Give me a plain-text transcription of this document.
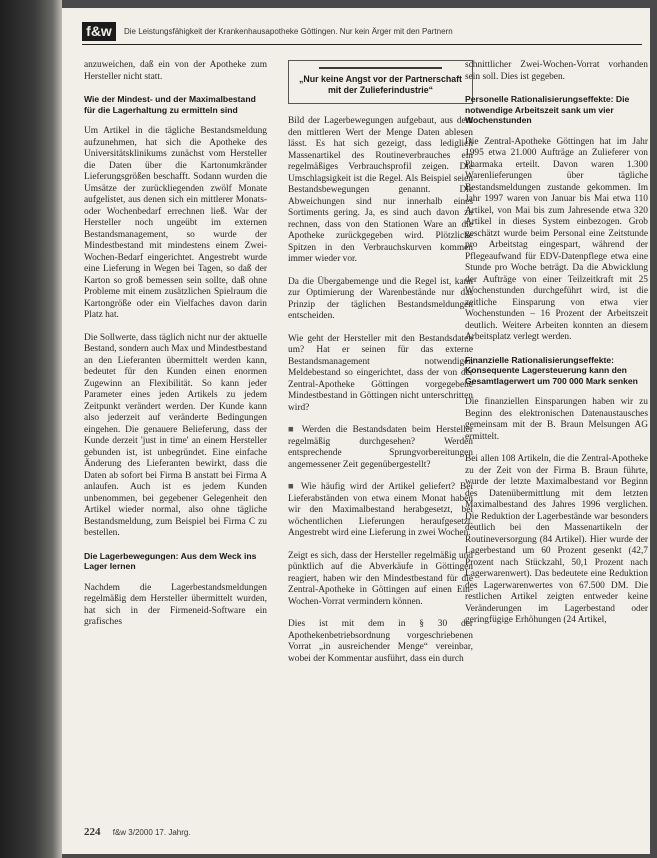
f&w	Die Leistungsfähigkeit der Krankenhausapotheke Göttingen. Nur kein Ärger mit den Partnern

anzuweichen, daß ein von der Apotheke zum Hersteller nicht statt.

Wie der Mindest- und der Maximalbestand für die Lagerhaltung zu ermitteln sind

Um Artikel in die tägliche Bestandsmeldung aufzunehmen, hat sich die Apotheke des Universitätsklinikums zunächst vom Hersteller die Daten über die Kartonumkränder Lieferungsgrößen beschafft. Sodann wurden die Umsätze der zurückliegenden zwölf Monate aufgelistet, aus denen sich ein mittlerer Monats- oder Wochenbedarf errechnen ließ. War der Hersteller noch ungeübt im externen Bestandsmanagement, so wurde der Mindestbestand mit mindestens einem Zwei-Wochen-Bedarf eingerichtet. Angestrebt wurde eine Lieferung in Wegen bei Tagen, so daß der Karton so groß bemessen sein sollte, daß ohne Probleme mit einem zusätzlichen Spielraum die Kartongröße oder ein Vielfaches davon darin Platz hat.

Die Sollwerte, dass täglich nicht nur der aktuelle Bestand, sondern auch Max und Mindestbestand an den Lieferanten übermittelt werden kann, bedeutet für den Kunden einen enormen Zugewinn an Flexibilität. So kann jeder Parameter eines jeden Artikels zu jedem Zeitpunkt verändert werden. Der Kunde kann also jederzeit auf veränderte Bedingungen eingehen. Die genauere Belieferung, dass der Kunde derzeit 'just in time' an einem Hersteller gebunden ist, ist unbegründet. Eine einfache Änderung des Lieferanten bewirkt, dass die Daten ab sofort bei Firma B anstatt bei Firma A anlaufen. Auch ist es jedem Kunden unbenommen, bei gegebener Gelegenheit den Artikel wieder normal, also ohne tägliche Bestandsmeldung, zum Beispiel bei Firma C zu bestellen.

Die Lagerbewegungen: Aus dem Weck ins Lager lernen

Nachdem die Lagerbestandsmeldungen regelmäßig dem Hersteller übermittelt wurden, hat sich in der Firmeneid-Software ein grafisches

„Nur keine Angst vor der Partnerschaft mit der Zulieferindustrie“

Bild der Lagerbewegungen aufgebaut, aus dem den mittleren Wert der Menge Daten ablesen lässt. Es hat sich gezeigt, dass lediglich Massenartikel des Routineverbrauches ein regelmäßiges Verbrauchsprofil zeigen. Die Umschlagsigkeit ist die Regel. Als Beispiel seien Bestandsbewegungen genannt. Die Abweichungen sind nur innerhalb eines Sortiments gering. Ja, es sind auch davon zu rechnen, dass von den Stationen Ware an die Apotheke zurückgegeben wird. Plötzliche Spitzen in den Verbrauchskurven kommen immer wieder vor.

Da die Übergabemenge und die Regel ist, kann zur Optimierung der Warenbestände nur das Prinzip der täglichen Bestandsmeldungen entscheiden.

Wie geht der Hersteller mit den Bestandsdaten um? Hat er seinen für das externe Bestandsmanagement notwendigen Meldebestand so eingerichtet, dass der von der Zentral-Apotheke Göttingen vorgegebene Mindestbestand in Göttingen nicht unterschritten wird?

■ Werden die Bestandsdaten beim Hersteller regelmäßig durchgesehen? Werden entsprechende Sprungvorbereitungen angemessener Zeit gegenübergestellt?

■ Wie häufig wird der Artikel geliefert? Bei Lieferabständen von etwa einem Monat haben wir den Maximalbestand herabgesetzt, bei wöchentlichen Lieferungen heraufgesetzt. Angestrebt wird eine Lieferung in zwei Wochen.

Zeigt es sich, dass der Hersteller regelmäßig und pünktlich auf die Abverkäufe in Göttingen reagiert, haben wir den Mindestbestand für die Zentral-Apotheke in Göttingen auf einen Ein-Wochen-Vorrat vermindern können.

Dies ist mit dem in § 30 der Apothekenbetriebsordnung vorgeschriebenen Vorrat „in ausreichender Menge“ vereinbar, wobei der Kommentar ausführt, dass ein durch

schnittlicher Zwei-Wochen-Vorrat vorhanden sein soll. Dies ist gegeben.

Personelle Rationalisierungseffekte: Die notwendige Arbeitszeit sank um vier Wochenstunden

Die Zentral-Apotheke Göttingen hat im Jahr 1995 etwa 21.000 Aufträge an Zulieferer von Pharmaka erteilt. Davon waren 1.300 Warenlieferungen über tägliche Bestandsmeldungen zustande gekommen. Im Jahr 1997 waren von Januar bis Mai etwa 110 Artikel, von Mai bis zum Jahresende etwa 320 Artikel in dieses System einbezogen. Grob geschätzt wurde beim Personal eine Zeitstunde pro Arbeitstag eingespart, während der Pflegeaufwand für EDV-Datenpflege etwa eine Stunde pro Woche beträgt. Da die Abwicklung der Aufträge von einer Teilzeitkraft mit 25 Wochenstunden durchgeführt wird, ist die zeitliche Einsparung von etwa vier Wochenstunden – 16 Prozent der Arbeitszeit deutlich. Weitere Arbeiten konnten an diesem Arbeitsplatz verlegt werden.

Finanzielle Rationalisierungseffekte: Konsequente Lagersteuerung kann den Gesamtlagerwert um 700 000 Mark senken

Die finanziellen Einsparungen haben wir zu Beginn des elektronischen Datenaustausches gemeinsam mit der B. Braun Melsungen AG ermittelt.

Bei allen 108 Artikeln, die die Zentral-Apotheke zu der Zeit von der Firma B. Braun führte, wurde der letzte Maximalbestand vor Beginn des Datenübermittlung mit dem letzten Maximalbestand des Jahres 1996 verglichen. Die Reduktion der Lagerbestände war besonders deutlich bei den Massenartikeln der Routineversorgung (84 Artikel). Hier wurde der Lagerbestand um 60 Prozent gesenkt (42,7 Prozent nach Stückzahl, 50,1 Prozent nach Lagerwarenwert). Das bedeutete eine Reduktion des Lagerwarenwertes von 67.500 DM. Die restlichen Artikel zeigten entweder keine Veränderungen im Lagerbestand oder geringfügige Erhöhungen (24 Artikel,

224 f&w 3/2000 17. Jahrg.
